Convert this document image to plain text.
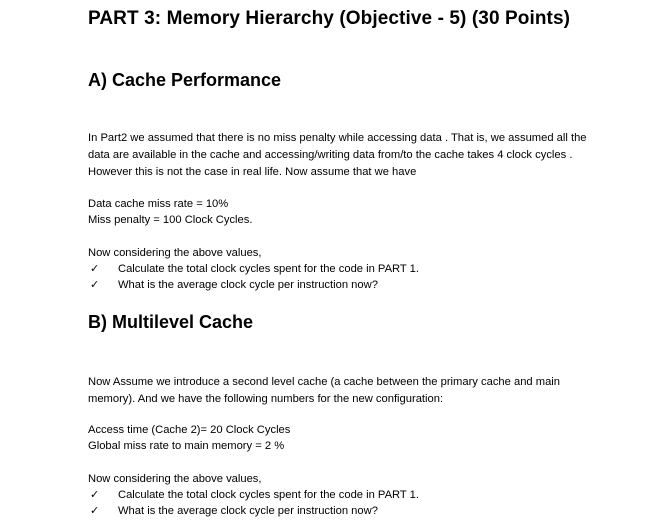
PART 3: Memory Hierarchy (Objective - 5) (30 Points)
A) Cache Performance
In Part2 we assumed that there is no miss penalty while accessing data . That is, we assumed all the
data are available in the cache and accessing/writing data from/to the cache takes 4 clock cycles .
However this is not the case in real life. Now assume that we have
Data cache miss rate = 10%
Miss penalty = 100 Clock Cycles.
Now considering the above values,
✓ Calculate the total clock cycles spent for the code in PART 1.
✓ What is the average clock cycle per instruction now?
B) Multilevel Cache
Now Assume we introduce a second level cache (a cache between the primary cache and main
memory). And we have the following numbers for the new configuration:
Access time (Cache 2)= 20 Clock Cycles
Global miss rate to main memory = 2 %
Now considering the above values,
✓ Calculate the total clock cycles spent for the code in PART 1.
✓ What is the average clock cycle per instruction now?
